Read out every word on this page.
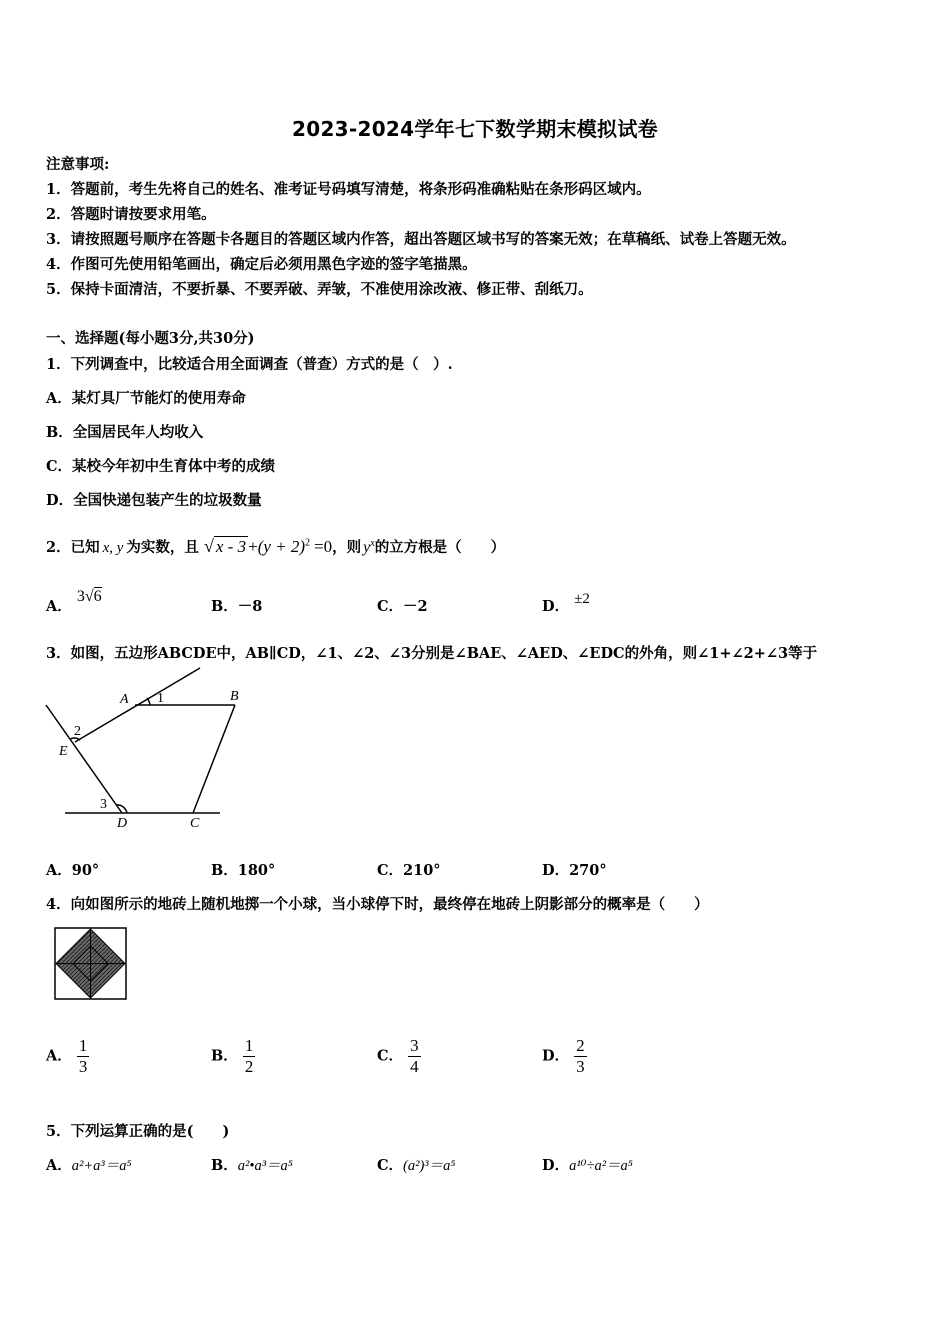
2023-2024学年七下数学期末模拟试卷
注意事项:
1．答题前，考生先将自己的姓名、准考证号码填写清楚，将条形码准确粘贴在条形码区域内。
2．答题时请按要求用笔。
3．请按照题号顺序在答题卡各题目的答题区域内作答，超出答题区域书写的答案无效；在草稿纸、试卷上答题无效。
4．作图可先使用铅笔画出，确定后必须用黑色字迹的签字笔描黑。
5．保持卡面清洁，不要折暴、不要弄破、弄皱，不准使用涂改液、修正带、刮纸刀。
一、选择题(每小题3分,共30分)
1．下列调查中，比较适合用全面调查（普查）方式的是（　）.
A．某灯具厂节能灯的使用寿命
B．全国居民年人均收入
C．某校今年初中生育体中考的成绩
D．全国快递包装产生的垃圾数量
2．已知 x, y 为实数，且 √ $x - 3 +(y + 2)^2 =0$，则 $y^x$的立方根是（　　）
A． 3√6
B．－8	C．－2	D． ±2
3．如图，五边形ABCDE中，AB∥CD，∠1、∠2、∠3分别是∠BAE、∠AED、∠EDC的外角，则∠1+∠2+∠3等于
A 1	B
2
E
3
D	C
A．90°	B．180°	C．210°	D．270°
4．向如图所示的地砖上随机地掷一个小球，当小球停下时，最终停在地砖上阴影部分的概率是（　　）
A． $\frac{1}{3}$	B． $\frac{1}{2}$	C． $\frac{3}{4}$	D． $\frac{2}{3}$
5．下列运算正确的是(　　)
A．a²+a³＝a⁵	B．a²•a³＝a⁵	C．(a²)³＝a⁵	D．a¹⁰÷a²＝a⁵
